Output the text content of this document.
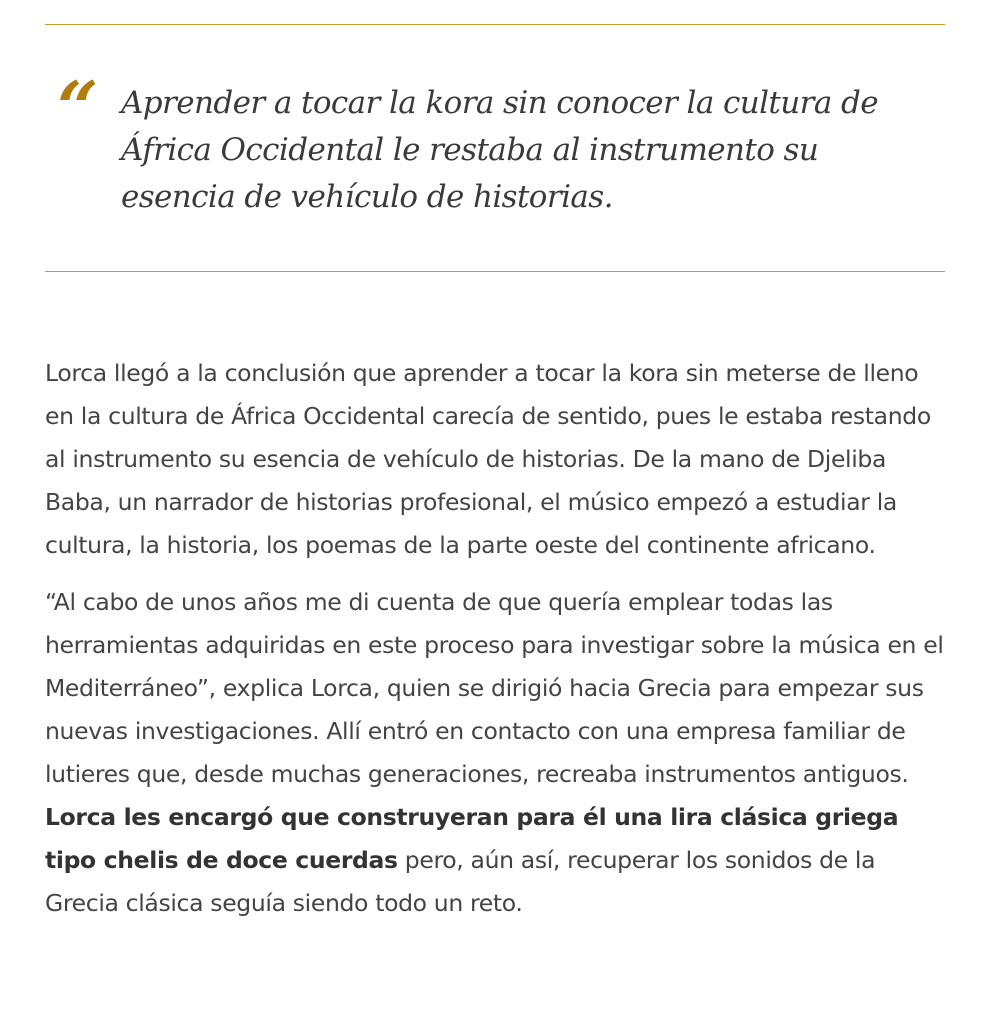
“ Aprender a tocar la kora sin conocer la cultura de África Occidental le restaba al instrumento su esencia de vehículo de historias.

Lorca llegó a la conclusión que aprender a tocar la kora sin meterse de lleno en la cultura de África Occidental carecía de sentido, pues le estaba restando al instrumento su esencia de vehículo de historias. De la mano de Djeliba Baba, un narrador de historias profesional, el músico empezó a estudiar la cultura, la historia, los poemas de la parte oeste del continente africano.

“Al cabo de unos años me di cuenta de que quería emplear todas las herramientas adquiridas en este proceso para investigar sobre la música en el Mediterráneo”, explica Lorca, quien se dirigió hacia Grecia para empezar sus nuevas investigaciones. Allí entró en contacto con una empresa familiar de lutieres que, desde muchas generaciones, recreaba instrumentos antiguos. Lorca les encargó que construyeran para él una lira clásica griega tipo chelis de doce cuerdas pero, aún así, recuperar los sonidos de la Grecia clásica seguía siendo todo un reto.
